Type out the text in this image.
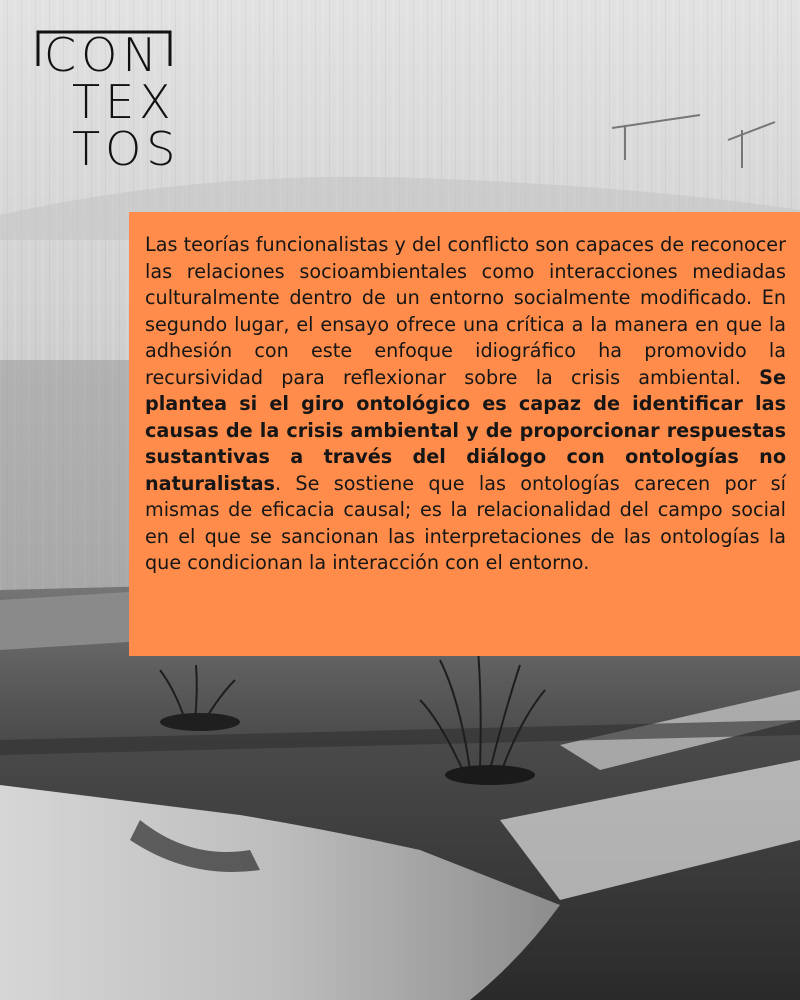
CON
TEX
TOS

Las teorías funcionalistas y del conflicto son capaces de reconocer las relaciones socioambientales como interacciones mediadas culturalmente dentro de un entorno socialmente modificado. En segundo lugar, el ensayo ofrece una crítica a la manera en que la adhesión con este enfoque idiográfico ha promovido la recursividad para reflexionar sobre la crisis ambiental. Se plantea si el giro ontológico es capaz de identificar las causas de la crisis ambiental y de proporcionar respuestas sustantivas a través del diálogo con ontologías no naturalistas. Se sostiene que las ontologías carecen por sí mismas de eficacia causal; es la relacionalidad del campo social en el que se sancionan las interpretaciones de las ontologías la que condicionan la interacción con el entorno.
